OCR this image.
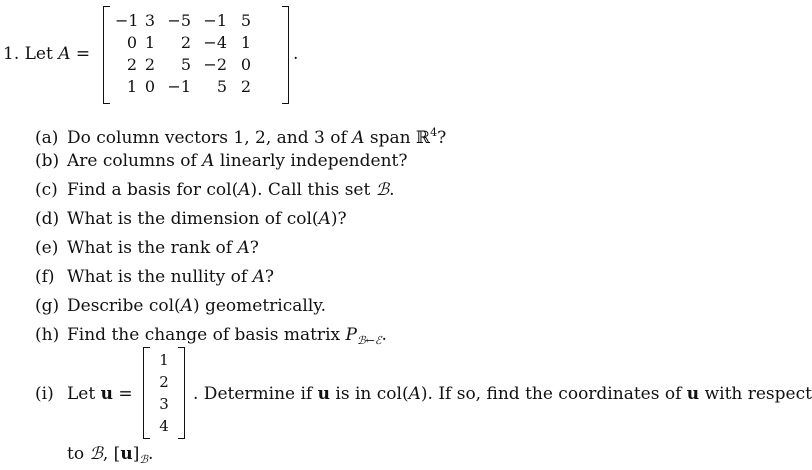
1. Let A =
−1 3 −5 −1 5
0 1	2 −4 1
2 2	5 −2 0
1 0 −1	5 2
.
(a) Do column vectors 1, 2, and 3 of A span ℝ$^4$?
(b) Are columns of A linearly independent?
(c) Find a basis for col(A). Call this set ℬ.
(d) What is the dimension of col(A)?
(e) What is the rank of A?
(f) What is the nullity of A?
(g) Describe col(A) geometrically.
(h) Find the change of basis matrix $P_{ℬ\leftarrow ℰ}$.
(i) Let u =
1
2
3
4
. Determine if u is in col(A). If so, find the coordinates of u with respect
to ℬ, $[u]_ℬ$.
